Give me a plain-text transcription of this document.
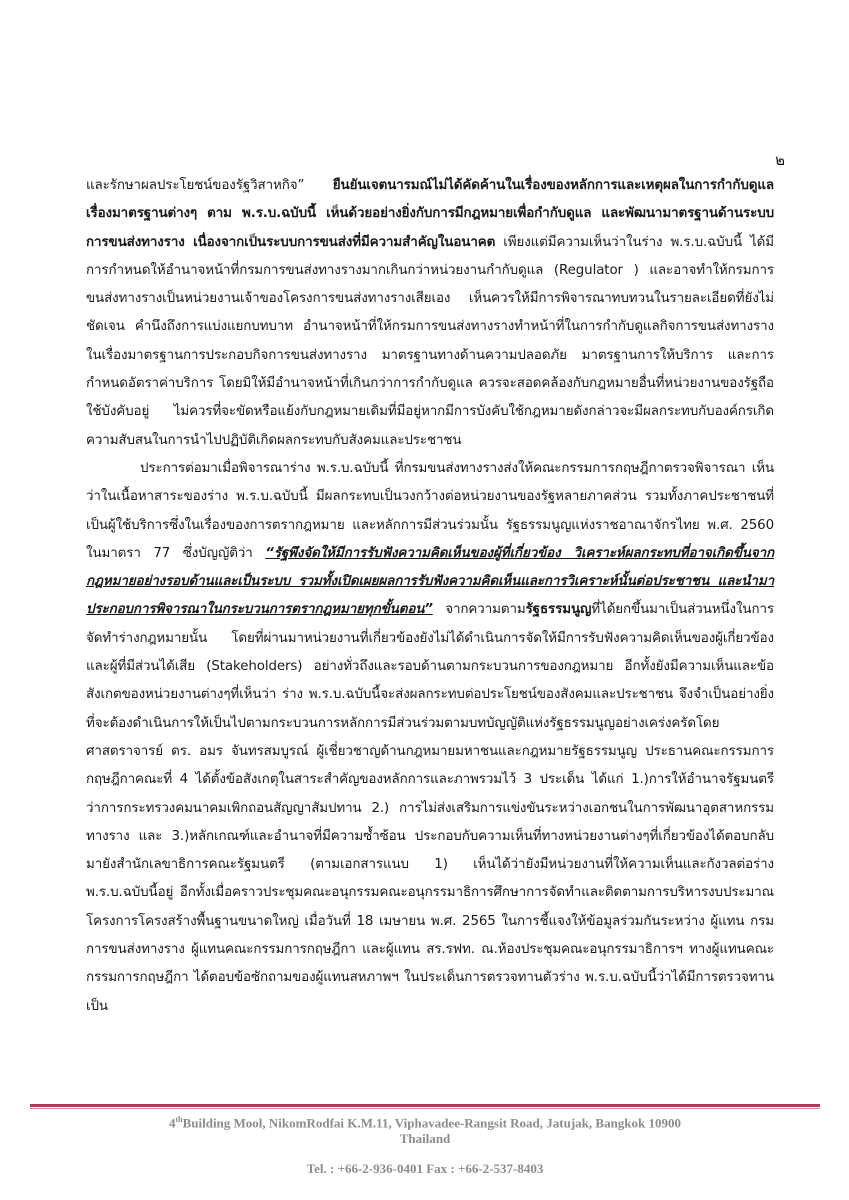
๒

และรักษาผลประโยชน์ของรัฐวิสาหกิจ” ยืนยันเจตนารมณ์ไม่ได้คัดค้านในเรื่องของหลักการและเหตุผลในการกำกับดูแลเรื่องมาตรฐานต่างๆ ตาม พ.ร.บ.ฉบับนี้ เห็นด้วยอย่างยิ่งกับการมีกฎหมายเพื่อกำกับดูแล และพัฒนามาตรฐานด้านระบบการขนส่งทางราง เนื่องจากเป็นระบบการขนส่งที่มีความสำคัญในอนาคต เพียงแต่มีความเห็นว่าในร่าง พ.ร.บ.ฉบับนี้ ได้มีการกำหนดให้อำนาจหน้าที่กรมการขนส่งทางรางมากเกินกว่าหน่วยงานกำกับดูแล (Regulator ) และอาจทำให้กรมการขนส่งทางรางเป็นหน่วยงานเจ้าของโครงการขนส่งทางรางเสียเอง เห็นควรให้มีการพิจารณาทบทวนในรายละเอียดที่ยังไม่ชัดเจน คำนึงถึงการแบ่งแยกบทบาท อำนาจหน้าที่ให้กรมการขนส่งทางรางทำหน้าที่ในการกำกับดูแลกิจการขนส่งทางราง ในเรื่องมาตรฐานการประกอบกิจการขนส่งทางราง มาตรฐานทางด้านความปลอดภัย มาตรฐานการให้บริการ และการกำหนดอัตราค่าบริการ โดยมิให้มีอำนาจหน้าที่เกินกว่าการกำกับดูแล ควรจะสอดคล้องกับกฎหมายอื่นที่หน่วยงานของรัฐถือใช้บังคับอยู่ ไม่ควรที่จะขัดหรือแย้งกับกฎหมายเดิมที่มีอยู่หากมีการบังคับใช้กฎหมายดังกล่าวจะมีผลกระทบกับองค์กรเกิดความสับสนในการนำไปปฏิบัติเกิดผลกระทบกับสังคมและประชาชน

ประการต่อมาเมื่อพิจารณาร่าง พ.ร.บ.ฉบับนี้ ที่กรมขนส่งทางรางส่งให้คณะกรรมการกฤษฎีกาตรวจพิจารณา เห็นว่าในเนื้อหาสาระของร่าง พ.ร.บ.ฉบับนี้ มีผลกระทบเป็นวงกว้างต่อหน่วยงานของรัฐหลายภาคส่วน รวมทั้งภาคประชาชนที่เป็นผู้ใช้บริการซึ่งในเรื่องของการตรากฎหมาย และหลักการมีส่วนร่วมนั้น รัฐธรรมนูญแห่งราชอาณาจักรไทย พ.ศ. 2560 ในมาตรา 77 ซึ่งบัญญัติว่า “รัฐพึงจัดให้มีการรับฟังความคิดเห็นของผู้ที่เกี่ยวข้อง วิเคราะห์ผลกระทบที่อาจเกิดขึ้นจากกฎหมายอย่างรอบด้านและเป็นระบบ รวมทั้งเปิดเผยผลการรับฟังความคิดเห็นและการวิเคราะห์นั้นต่อประชาชน และนำมาประกอบการพิจารณาในกระบวนการตรากฎหมายทุกขั้นตอน” จากความตามรัฐธรรมนูญที่ได้ยกขึ้นมาเป็นส่วนหนึ่งในการจัดทำร่างกฎหมายนั้น โดยที่ผ่านมาหน่วยงานที่เกี่ยวข้องยังไม่ได้ดำเนินการจัดให้มีการรับฟังความคิดเห็นของผู้เกี่ยวข้องและผู้ที่มีส่วนได้เสีย (Stakeholders) อย่างทั่วถึงและรอบด้านตามกระบวนการของกฎหมาย อีกทั้งยังมีความเห็นและข้อสังเกตของหน่วยงานต่างๆที่เห็นว่า ร่าง พ.ร.บ.ฉบับนี้จะส่งผลกระทบต่อประโยชน์ของสังคมและประชาชน จึงจำเป็นอย่างยิ่งที่จะต้องดำเนินการให้เป็นไปตามกระบวนการหลักการมีส่วนร่วมตามบทบัญญัติแห่งรัฐธรรมนูญอย่างเคร่งครัดโดยศาสตราจารย์ ดร. อมร จันทรสมบูรณ์ ผู้เชี่ยวชาญด้านกฎหมายมหาชนและกฎหมายรัฐธรรมนูญ ประธานคณะกรรมการกฤษฎีกาคณะที่ 4 ได้ตั้งข้อสังเกตุในสาระสำคัญของหลักการและภาพรวมไว้ 3 ประเด็น ได้แก่ 1.)การให้อำนาจรัฐมนตรีว่าการกระทรวงคมนาคมเพิกถอนสัญญาสัมปทาน 2.) การไม่ส่งเสริมการแข่งขันระหว่างเอกชนในการพัฒนาอุตสาหกรรมทางราง และ 3.)หลักเกณฑ์และอำนาจที่มีความซ้ำซ้อน ประกอบกับความเห็นที่ทางหน่วยงานต่างๆที่เกี่ยวข้องได้ตอบกลับมายังสำนักเลขาธิการคณะรัฐมนตรี (ตามเอกสารแนบ 1) เห็นได้ว่ายังมีหน่วยงานที่ให้ความเห็นและกังวลต่อร่าง พ.ร.บ.ฉบับนี้อยู่ อีกทั้งเมื่อคราวประชุมคณะอนุกรรมคณะอนุกรรมาธิการศึกษาการจัดทำและติดตามการบริหารงบประมาณโครงการโครงสร้างพื้นฐานขนาดใหญ่ เมื่อวันที่ 18 เมษายน พ.ศ. 2565 ในการชี้แจงให้ข้อมูลร่วมกันระหว่าง ผู้แทน กรมการขนส่งทางราง ผู้แทนคณะกรรมการกฤษฎีกา และผู้แทน สร.รฟท. ณ.ห้องประชุมคณะอนุกรรมาธิการฯ ทางผู้แทนคณะกรรมการกฤษฎีกา ได้ตอบข้อซักถามของผู้แทนสหภาพฯ ในประเด็นการตรวจทานตัวร่าง พ.ร.บ.ฉบับนี้ว่าได้มีการตรวจทานเป็น

4thBuilding Mool, NikomRodfai K.M.11, Viphavadee-Rangsit Road, Jatujak, Bangkok 10900
Thailand
Tel. : +66-2-936-0401 Fax : +66-2-537-8403
